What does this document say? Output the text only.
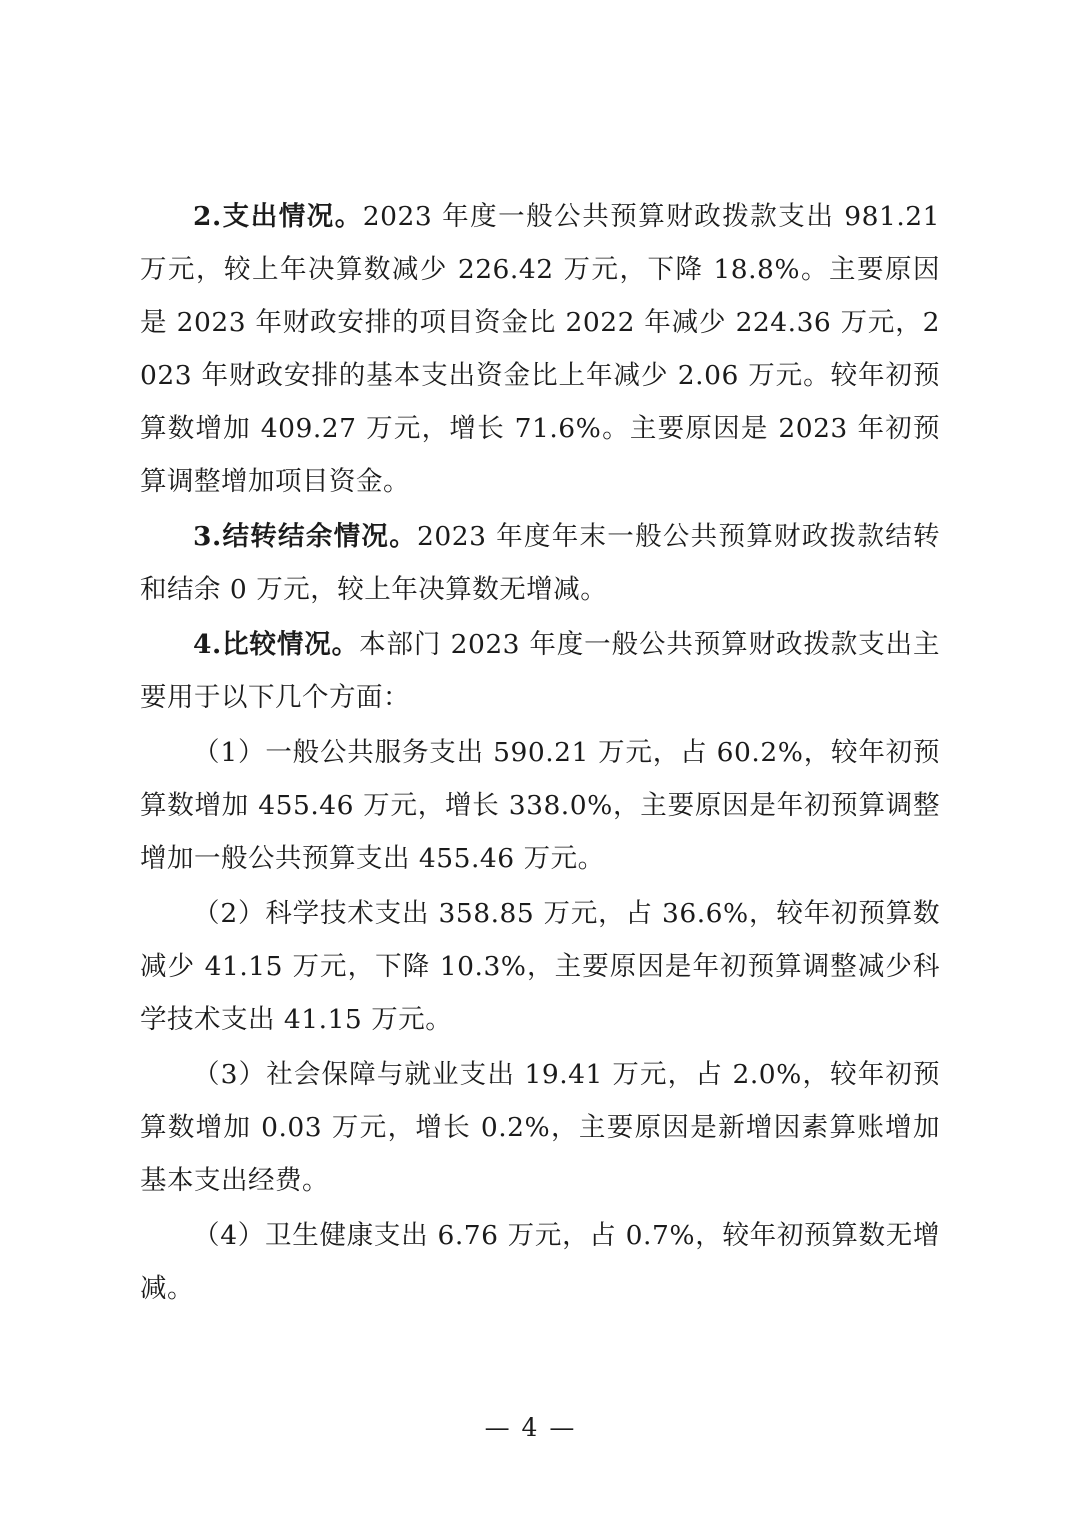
2.支出情况。2023 年度一般公共预算财政拨款支出 981.21 万元，较上年决算数减少 226.42 万元，下降 18.8%。主要原因是 2023 年财政安排的项目资金比 2022 年减少 224.36 万元，2023 年财政安排的基本支出资金比上年减少 2.06 万元。较年初预算数增加 409.27 万元，增长 71.6%。主要原因是 2023 年初预算调整增加项目资金。

3.结转结余情况。2023 年度年末一般公共预算财政拨款结转和结余 0 万元，较上年决算数无增减。

4.比较情况。本部门 2023 年度一般公共预算财政拨款支出主要用于以下几个方面：

（1）一般公共服务支出 590.21 万元，占 60.2%，较年初预算数增加 455.46 万元，增长 338.0%，主要原因是年初预算调整增加一般公共预算支出 455.46 万元。

（2）科学技术支出 358.85 万元，占 36.6%，较年初预算数减少 41.15 万元，下降 10.3%，主要原因是年初预算调整减少科学技术支出 41.15 万元。

（3）社会保障与就业支出 19.41 万元，占 2.0%，较年初预算数增加 0.03 万元，增长 0.2%，主要原因是新增因素算账增加基本支出经费。

（4）卫生健康支出 6.76 万元，占 0.7%，较年初预算数无增减。

— 4 —
